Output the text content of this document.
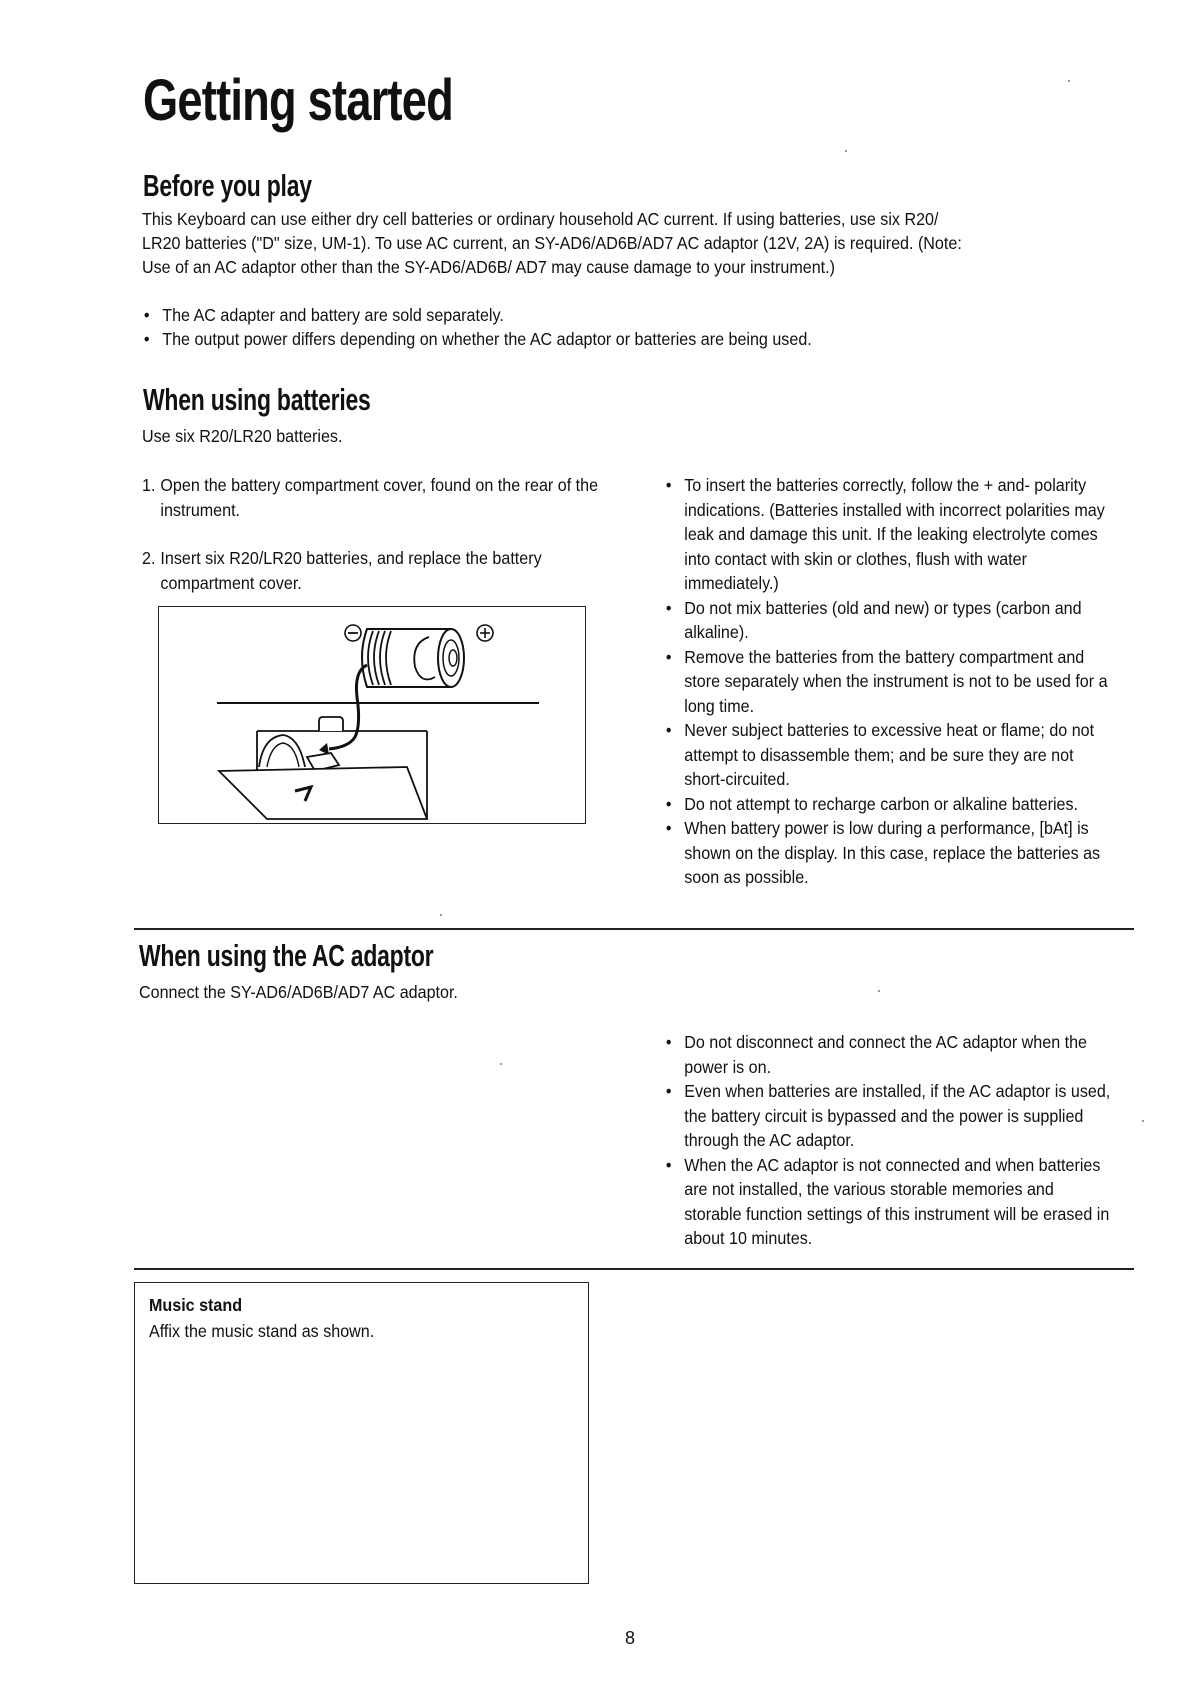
Getting started
Before you play
This Keyboard can use either dry cell batteries or ordinary household AC current. If using batteries, use six R20/
LR20 batteries ("D" size, UM-1). To use AC current, an SY-AD6/AD6B/AD7 AC adaptor (12V, 2A) is required. (Note:
Use of an AC adaptor other than the SY-AD6/AD6B/ AD7 may cause damage to your instrument.)
• The AC adapter and battery are sold separately.
• The output power differs depending on whether the AC adaptor or batteries are being used.
When using batteries
Use six R20/LR20 batteries.
1. Open the battery compartment cover, found on the rear of the instrument.
2. Insert six R20/LR20 batteries, and replace the battery compartment cover.
• To insert the batteries correctly, follow the + and- polarity indications. (Batteries installed with incorrect polarities may leak and damage this unit. If the leaking electrolyte comes into contact with skin or clothes, flush with water immediately.)
• Do not mix batteries (old and new) or types (carbon and alkaline).
• Remove the batteries from the battery compartment and store separately when the instrument is not to be used for a long time.
• Never subject batteries to excessive heat or flame; do not attempt to disassemble them; and be sure they are not short-circuited.
• Do not attempt to recharge carbon or alkaline batteries.
• When battery power is low during a performance, [bAt] is shown on the display. In this case, replace the batteries as soon as possible.
When using the AC adaptor
Connect the SY-AD6/AD6B/AD7 AC adaptor.
• Do not disconnect and connect the AC adaptor when the power is on.
• Even when batteries are installed, if the AC adaptor is used, the battery circuit is bypassed and the power is supplied through the AC adaptor.
• When the AC adaptor is not connected and when batteries are not installed, the various storable memories and storable function settings of this instrument will be erased in about 10 minutes.
Music stand
Affix the music stand as shown.
8
